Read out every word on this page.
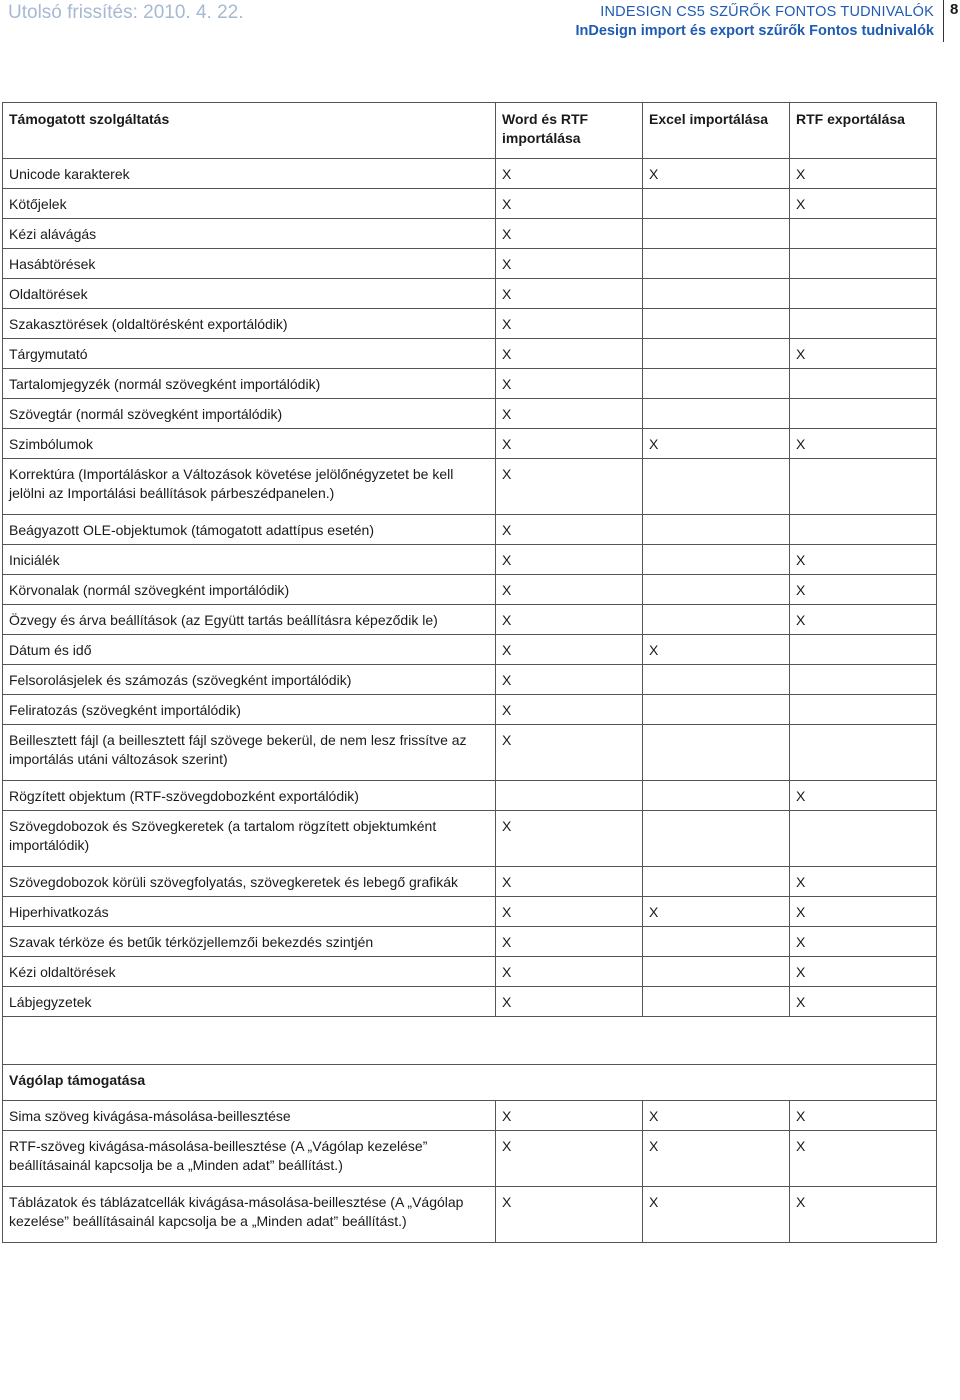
Utolsó frissítés: 2010. 4. 22.	INDESIGN CS5 SZŰRŐK FONTOS TUDNIVALÓK
InDesign import és export szűrők Fontos tudnivalók
8
Támogatott szolgáltatás	Word és RTF importálása	Excel importálása	RTF exportálása
Unicode karakterek	X	X	X
Kötőjelek	X		X
Kézi alávágás	X		
Hasábtörések	X		
Oldaltörések	X		
Szakasztörések (oldaltörésként exportálódik)	X		
Tárgymutató	X		X
Tartalomjegyzék (normál szövegként importálódik)	X		
Szövegtár (normál szövegként importálódik)	X		
Szimbólumok	X	X	X
Korrektúra (Importáláskor a Változások követése jelölőnégyzetet be kell jelölni az Importálási beállítások párbeszédpanelen.)	X		
Beágyazott OLE-objektumok (támogatott adattípus esetén)	X		
Iniciálék	X		X
Körvonalak (normál szövegként importálódik)	X		X
Özvegy és árva beállítások (az Együtt tartás beállításra képeződik le)	X		X
Dátum és idő	X	X	
Felsorolásjelek és számozás (szövegként importálódik)	X		
Feliratozás (szövegként importálódik)	X		
Beillesztett fájl (a beillesztett fájl szövege bekerül, de nem lesz frissítve az importálás utáni változások szerint)	X		
Rögzített objektum (RTF-szövegdobozként exportálódik)			X
Szövegdobozok és Szövegkeretek (a tartalom rögzített objektumként importálódik)	X		
Szövegdobozok körüli szövegfolyatás, szövegkeretek és lebegő grafikák	X		X
Hiperhivatkozás	X	X	X
Szavak térköze és betűk térközjellemzői bekezdés szintjén	X		X
Kézi oldaltörések	X		X
Lábjegyzetek	X		X

Vágólap támogatása			
Sima szöveg kivágása-másolása-beillesztése	X	X	X
RTF-szöveg kivágása-másolása-beillesztése (A „Vágólap kezelése” beállításainál kapcsolja be a „Minden adat” beállítást.)	X	X	X
Táblázatok és táblázatcellák kivágása-másolása-beillesztése (A „Vágólap kezelése” beállításainál kapcsolja be a „Minden adat” beállítást.)	X	X	X
